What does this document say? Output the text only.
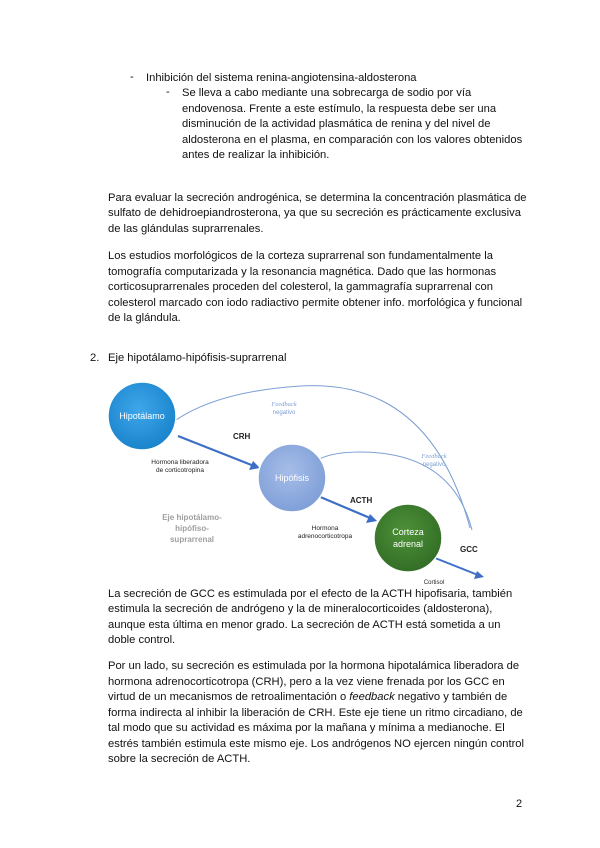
- Inhibición del sistema renina-angiotensina-aldosterona

- Se lleva a cabo mediante una sobrecarga de sodio por vía

endovenosa. Frente a este estímulo, la respuesta debe ser una

disminución de la actividad plasmática de renina y del nivel de

aldosterona en el plasma, en comparación con los valores obtenidos

antes de realizar la inhibición.

Para evaluar la secreción androgénica, se determina la concentración plasmática de

sulfato de dehidroepiandrosterona, ya que su secreción es prácticamente exclusiva

de las glándulas suprarrenales.

Los estudios morfológicos de la corteza suprarrenal son fundamentalmente la

tomografía computarizada y la resonancia magnética. Dado que las hormonas

corticosuprarrenales proceden del colesterol, la gammagrafía suprarrenal con

colesterol marcado con iodo radiactivo permite obtener info. morfológica y funcional

de la glándula.

2. Eje hipotálamo-hipófisis-suprarrenal

Hipotálamo
Hipófisis
Corteza
adrenal
CRH
Hormona liberadora
de corticotropina
ACTH
Hormona
adrenocorticotropa
GCC
Cortisol
Feedback
negativo
Feedback
negativo
Eje hipotálamo-
hipófiso-
suprarrenal

La secreción de GCC es estimulada por el efecto de la ACTH hipofisaria, también

estimula la secreción de andrógeno y la de mineralocorticoides (aldosterona),

aunque esta última en menor grado. La secreción de ACTH está sometida a un

doble control.

Por un lado, su secreción es estimulada por la hormona hipotalámica liberadora de

hormona adrenocorticotropa (CRH), pero a la vez viene frenada por los GCC en

virtud de un mecanismos de retroalimentación o feedback negativo y también de

forma indirecta al inhibir la liberación de CRH. Este eje tiene un ritmo circadiano, de

tal modo que su actividad es máxima por la mañana y mínima a medianoche. El

estrés también estimula este mismo eje. Los andrógenos NO ejercen ningún control

sobre la secreción de ACTH.

2
